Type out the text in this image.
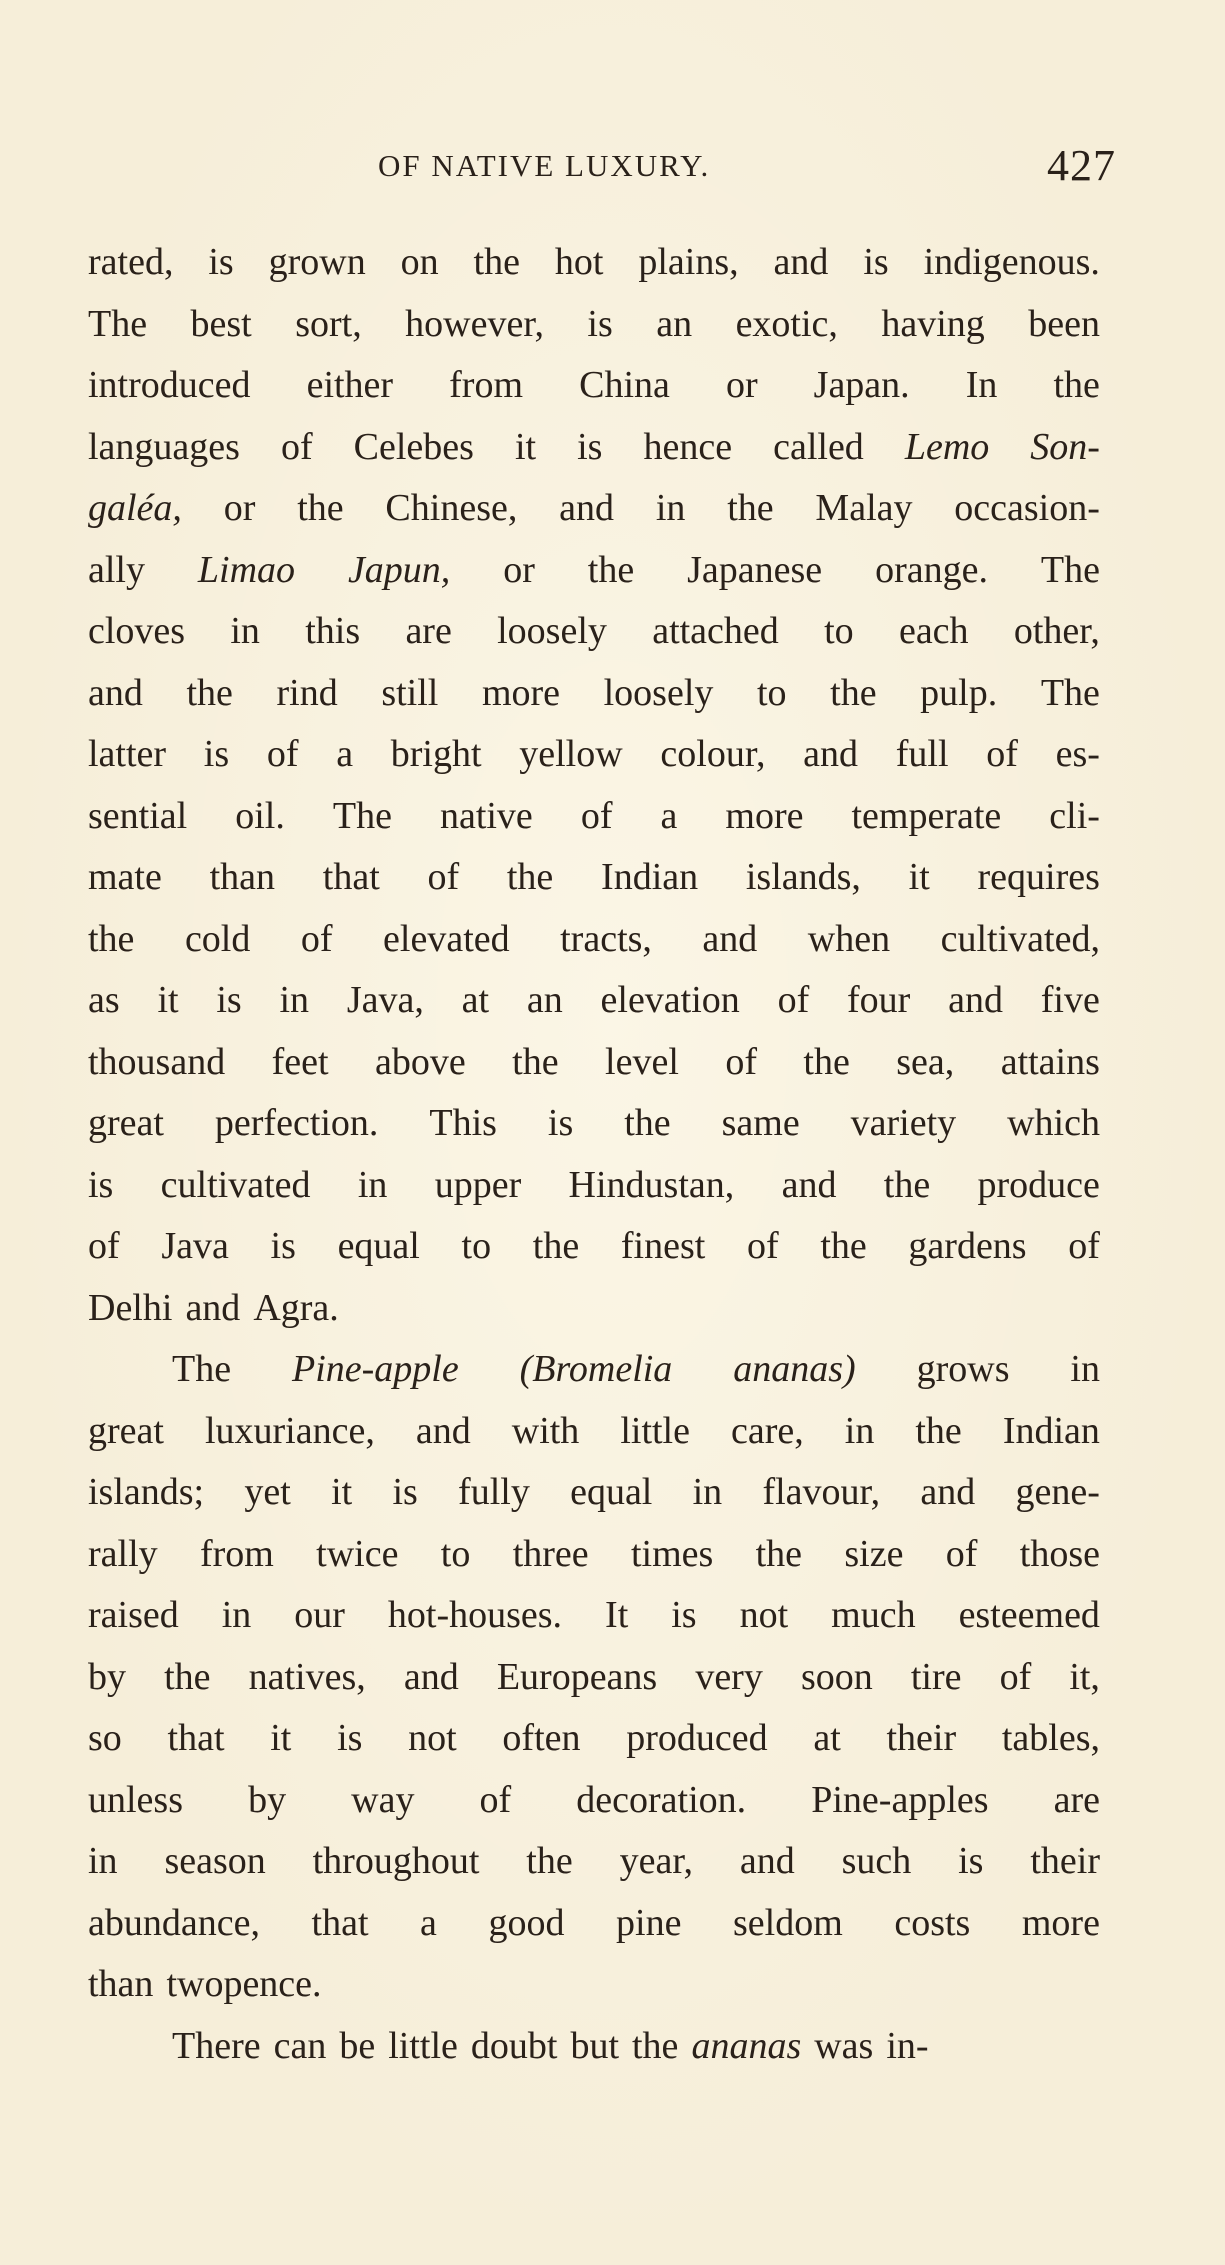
OF NATIVE LUXURY.	427
rated, is grown on the hot plains, and is indigenous.
The best sort, however, is an exotic, having been
introduced either from China or Japan. In the
languages of Celebes it is hence called Lemo Son-
galéa, or the Chinese, and in the Malay occasion-
ally Limao Japun, or the Japanese orange. The
cloves in this are loosely attached to each other,
and the rind still more loosely to the pulp. The
latter is of a bright yellow colour, and full of es-
sential oil. The native of a more temperate cli-
mate than that of the Indian islands, it requires
the cold of elevated tracts, and when cultivated,
as it is in Java, at an elevation of four and five
thousand feet above the level of the sea, attains
great perfection. This is the same variety which
is cultivated in upper Hindustan, and the produce
of Java is equal to the finest of the gardens of
Delhi and Agra.
The Pine-apple (Bromelia ananas) grows in
great luxuriance, and with little care, in the Indian
islands; yet it is fully equal in flavour, and gene-
rally from twice to three times the size of those
raised in our hot-houses. It is not much esteemed
by the natives, and Europeans very soon tire of it,
so that it is not often produced at their tables,
unless by way of decoration. Pine-apples are
in season throughout the year, and such is their
abundance, that a good pine seldom costs more
than twopence.
There can be little doubt but the ananas was in-
